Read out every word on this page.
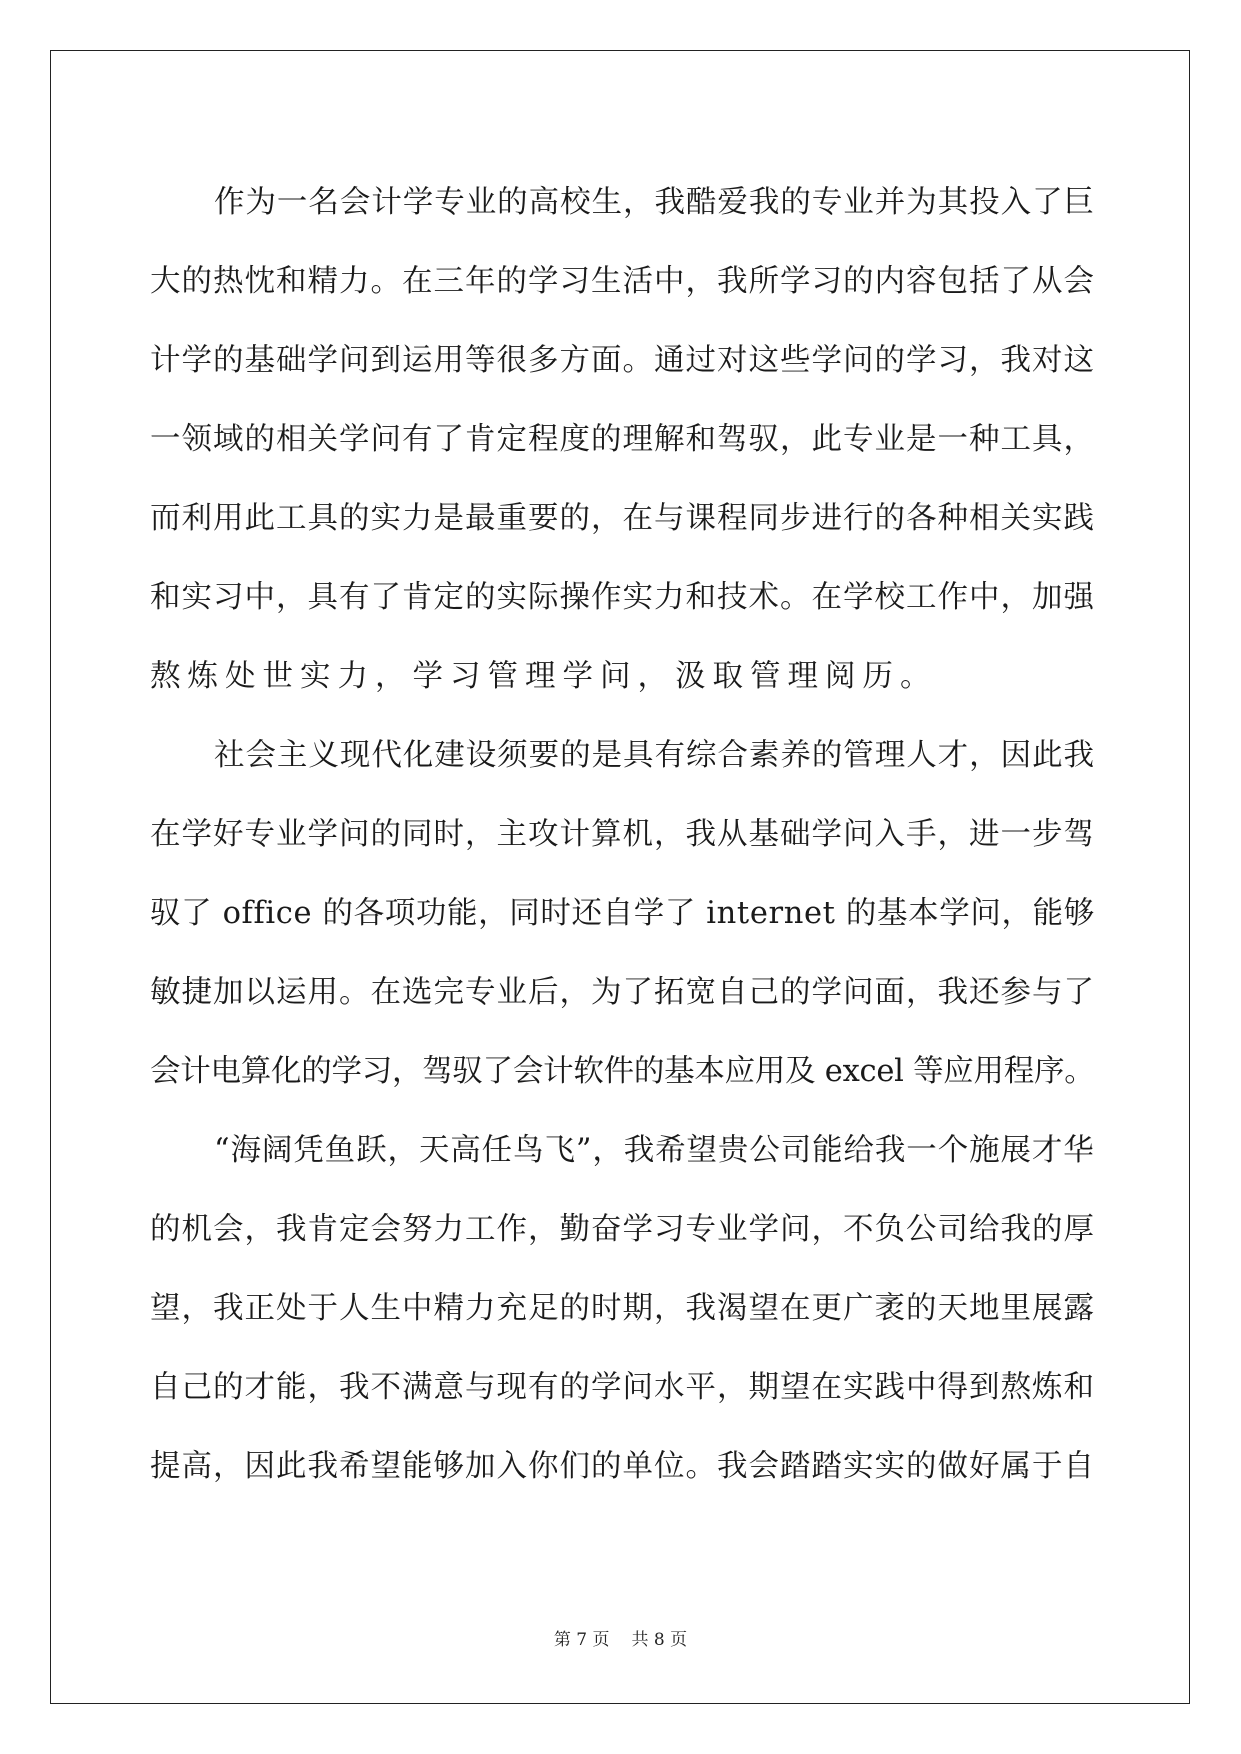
作为一名会计学专业的高校生，我酷爱我的专业并为其投入了巨
大的热忱和精力。在三年的学习生活中，我所学习的内容包括了从会
计学的基础学问到运用等很多方面。通过对这些学问的学习，我对这
一领域的相关学问有了肯定程度的理解和驾驭，此专业是一种工具，
而利用此工具的实力是最重要的，在与课程同步进行的各种相关实践
和实习中，具有了肯定的实际操作实力和技术。在学校工作中，加强
熬炼处世实力，学习管理学问，汲取管理阅历。
社会主义现代化建设须要的是具有综合素养的管理人才，因此我
在学好专业学问的同时，主攻计算机，我从基础学问入手，进一步驾
驭了 office 的各项功能，同时还自学了 internet 的基本学问，能够
敏捷加以运用。在选完专业后，为了拓宽自己的学问面，我还参与了
会计电算化的学习，驾驭了会计软件的基本应用及 excel 等应用程序。
“海阔凭鱼跃，天高任鸟飞”，我希望贵公司能给我一个施展才华
的机会，我肯定会努力工作，勤奋学习专业学问，不负公司给我的厚
望，我正处于人生中精力充足的时期，我渴望在更广袤的天地里展露
自己的才能，我不满意与现有的学问水平，期望在实践中得到熬炼和
提高，因此我希望能够加入你们的单位。我会踏踏实实的做好属于自
第 7 页 共 8 页
